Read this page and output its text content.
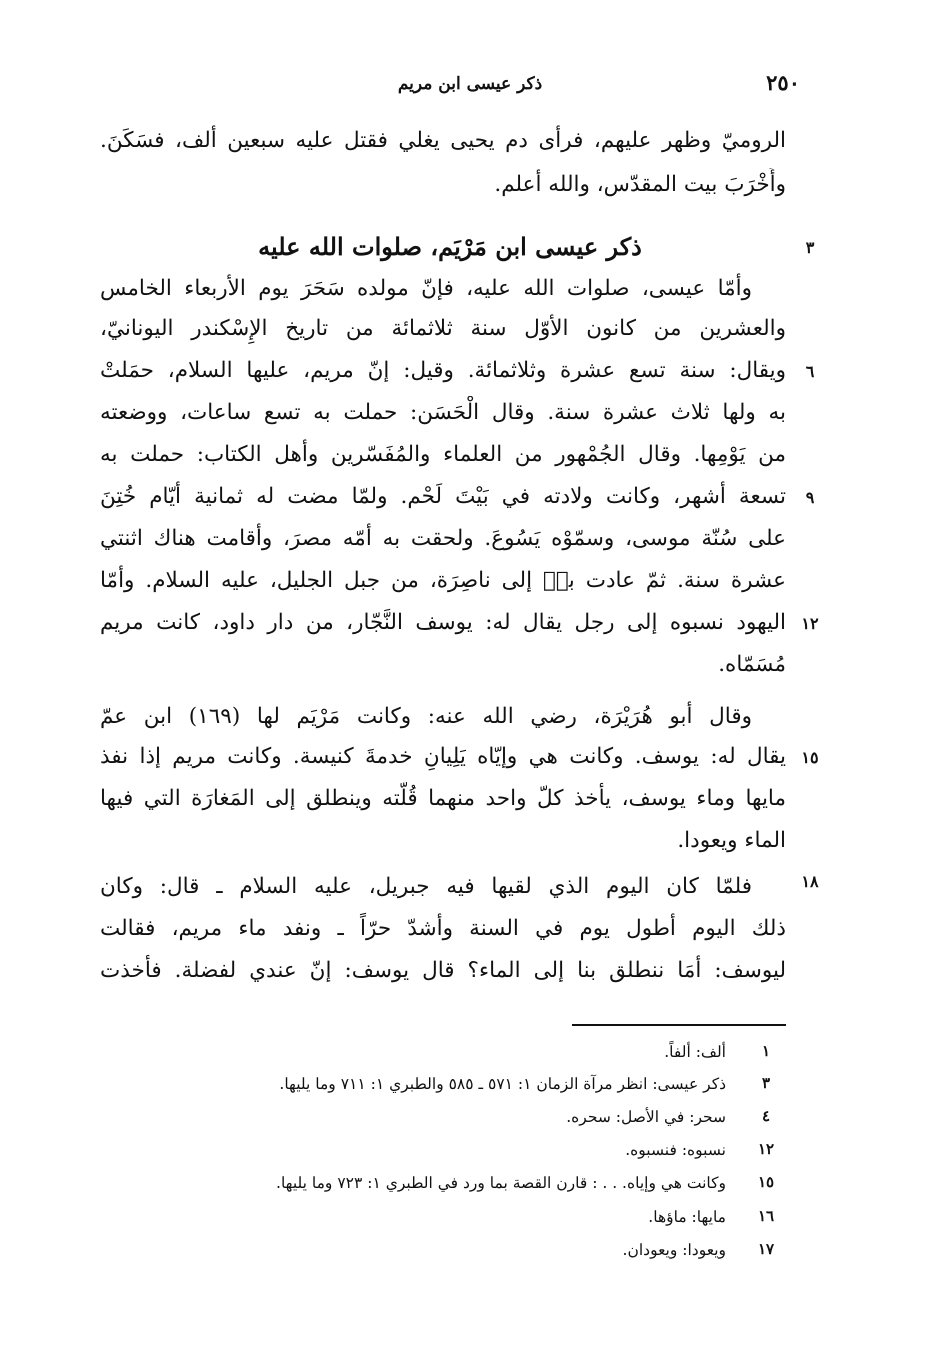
ذكر عيسى ابن مريم	٢٥٠
الروميّ وظهر عليهم، فرأى دم يحيى يغلي فقتل عليه سبعين ألف، فسَكَنَ.
وأَخْرَبَ بيت المقدّس، والله أعلم.
٣
ذكر عيسى ابن مَرْيَم، صلوات الله عليه
وأمّا عيسى، صلوات الله عليه، فإنّ مولده سَحَرَ يوم الأربعاء الخامس
والعشرين من كانون الأوّل سنة ثلاثمائة من تاريخ الإِسْكندر اليونانيّ،
٦
ويقال: سنة تسع عشرة وثلاثمائة. وقيل: إنّ مريم، عليها السلام، حمَلتْ
به ولها ثلاث عشرة سنة. وقال الْحَسَن: حملت به تسع ساعات، ووضعته
من يَوْمِها. وقال الجُمْهور من العلماء والمُفَسّرين وأهل الكتاب: حملت به
٩
تسعة أشهر، وكانت ولادته في بَيْتَ لَحْم. ولمّا مضت له ثمانية أيّام خُتِنَ
على سُنّة موسى، وسمّوْه يَسُوعَ. ولحقت به أمّه مصرَ، وأقامت هناك اثنتي
عشرة سنة. ثمّ عادت بهٖ إلى ناصِرَة، من جبل الجليل، عليه السلام. وأمّا
١٢
اليهود نسبوه إلى رجل يقال له: يوسف النَّجّار، من دار داود، كانت مريم
مُسَمّاه.
وقال أبو هُرَيْرَة، رضي الله عنه: وكانت مَرْيَم لها (١٦٩) ابن عمّ
١٥
يقال له: يوسف. وكانت هي وإيّاه يَلِيانِ خدمةَ كنيسة. وكانت مريم إذا نفذ
مايها وماء يوسف، يأخذ كلّ واحد منهما قُلّته وينطلق إلى المَغارَة التي فيها
الماء ويعودا.
١٨
فلمّا كان اليوم الذي لقيها فيه جبريل، عليه السلام ـ قال: وكان
ذلك اليوم أطول يوم في السنة وأشدّ حرّاً ـ ونفد ماء مريم، فقالت
ليوسف: أمَا ننطلق بنا إلى الماء؟ قال يوسف: إنّ عندي لفضلة. فأخذت
١
ألف: ألفاً.
٣
ذكر عيسى: انظر مرآة الزمان ١: ٥٧١ ـ ٥٨٥ والطبري ١: ٧١١ وما يليها.
٤
سحر: في الأصل: سحره.
١٢
نسبوه: فنسبوه.
١٥
وكانت هي وإياه. . . : قارن القصة بما ورد في الطبري ١: ٧٢٣ وما يليها.
١٦
مايها: ماؤها.
١٧
ويعودا: ويعودان.
